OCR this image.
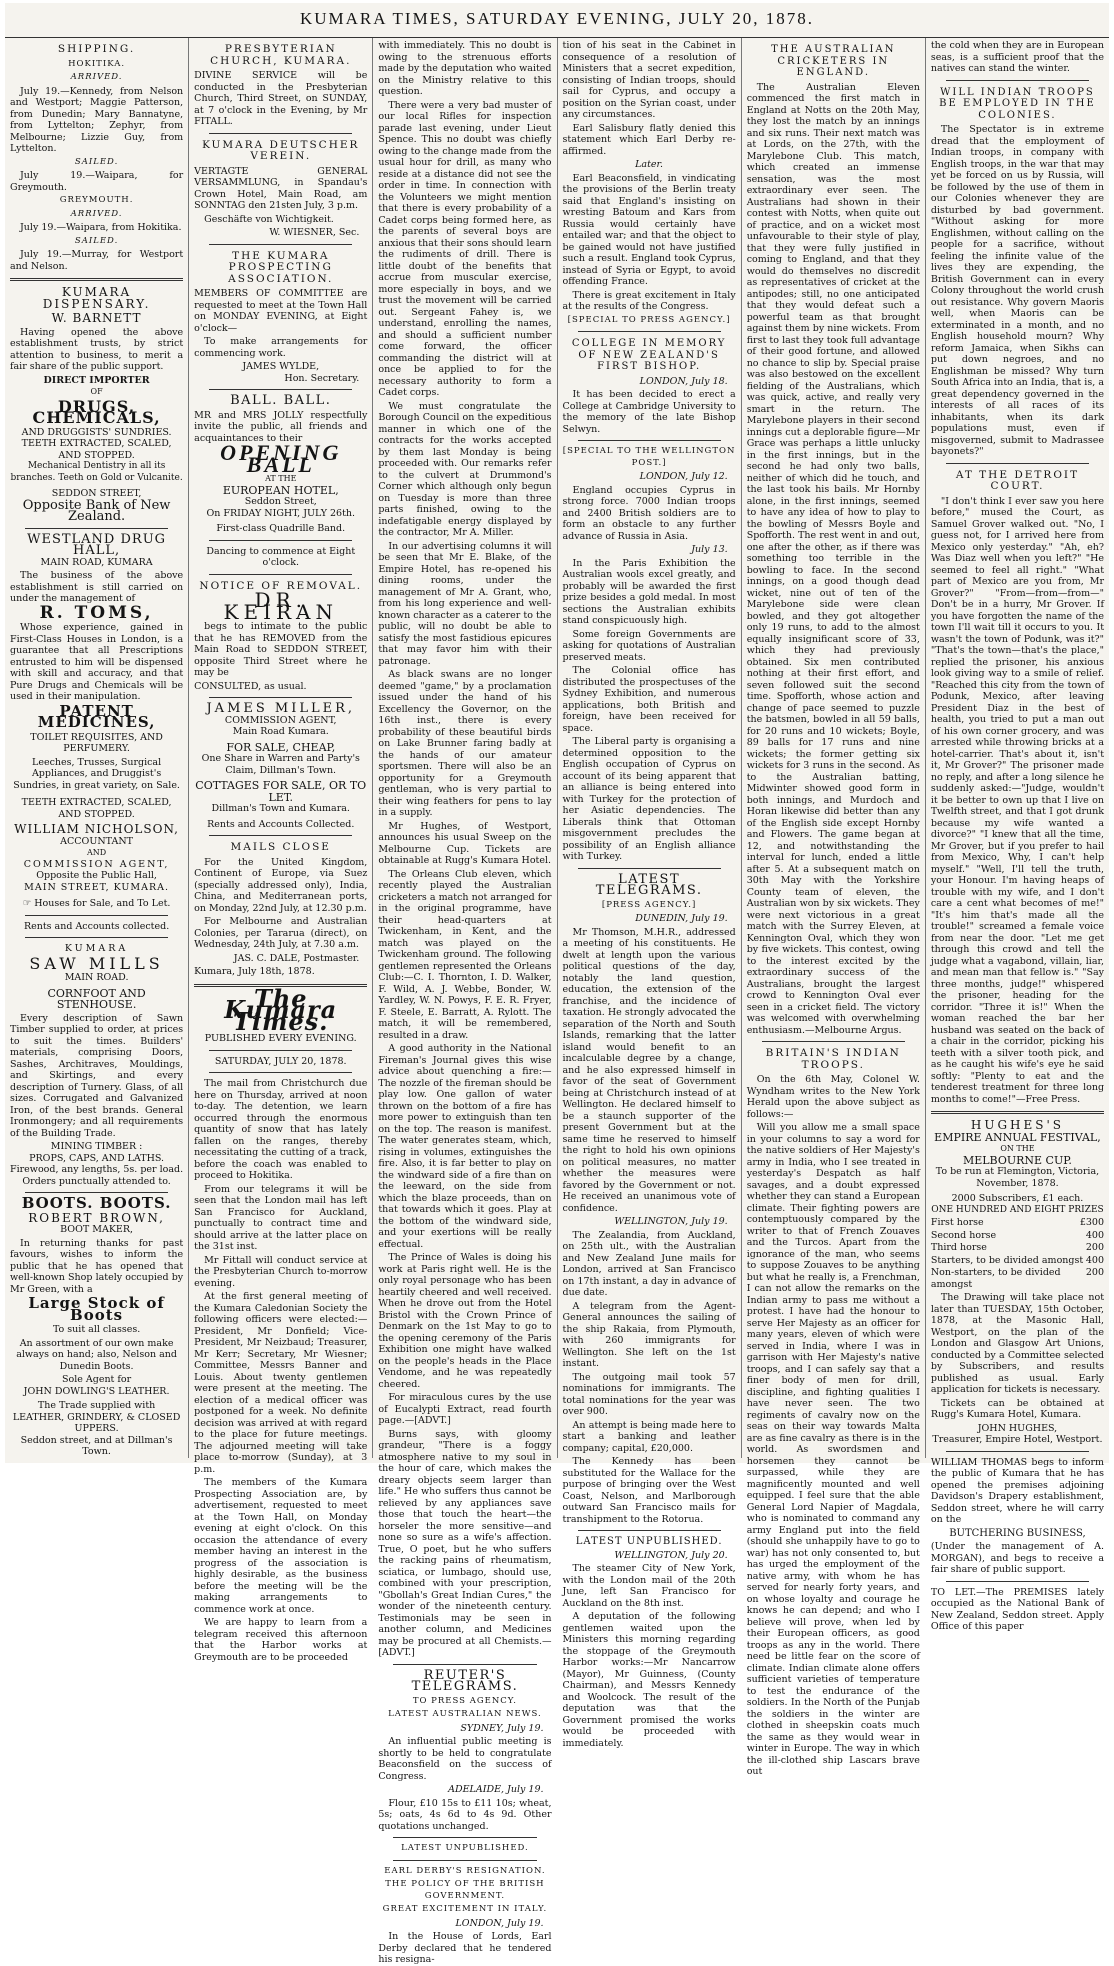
KUMARA TIMES, SATURDAY EVENING, JULY 20, 1878.
SHIPPING.
HOKITIKA.
ARRIVED.

July 19.—Kennedy, from Nelson and Westport; Maggie Patterson, from Dunedin; Mary Bannatyne, from Lyttelton; Zephyr, from Melbourne; Lizzie Guy, from Lyttelton.

SAILED.

July 19.—Waipara, for Greymouth.

GREYMOUTH.
ARRIVED.

July 19.—Waipara, from Hokitika.

SAILED.

July 19.—Murray, for Westport and Nelson.

KUMARA DISPENSARY.
W. BARNETT

Having opened the above establishment trusts, by strict attention to business, to merit a fair share of the public support.

DIRECT IMPORTER
OF
DRUGS, CHEMICALS,
AND DRUGGISTS' SUNDRIES.
TEETH EXTRACTED, SCALED, AND STOPPED.
Mechanical Dentistry in all its branches. Teeth on Gold or Vulcanite.
SEDDON STREET,
Opposite Bank of New Zealand.
WESTLAND DRUG HALL,
MAIN ROAD, KUMARA

The business of the above establishment is still carried on under the management of

R. TOMS,

Whose experience, gained in First-Class Houses in London, is a guarantee that all Prescriptions entrusted to him will be dispensed with skill and accuracy, and that Pure Drugs and Chemicals will be used in their manipulation.

PATENT MEDICINES,
TOILET REQUISITES, AND PERFUMERY.

Leeches, Trusses, Surgical Appliances, and Druggist's Sundries, in great variety, on Sale.

TEETH EXTRACTED, SCALED, AND STOPPED.
WILLIAM NICHOLSON,
ACCOUNTANT
AND
COMMISSION AGENT,
Opposite the Public Hall,
MAIN STREET, KUMARA.
☞ Houses for Sale, and To Let.
Rents and Accounts collected.
KUMARA
SAW MILLS
MAIN ROAD.
CORNFOOT AND STENHOUSE.

Every description of Sawn Timber supplied to order, at prices to suit the times. Builders' materials, comprising Doors, Sashes, Architraves, Mouldings, and Skirtings, and every description of Turnery. Glass, of all sizes. Corrugated and Galvanized Iron, of the best brands. General Ironmongery; and all requirements of the Building Trade.

MINING TIMBER :
PROPS, CAPS, AND LATHS.
Firewood, any lengths, 5s. per load.
Orders punctually attended to.
BOOTS. BOOTS.
ROBERT BROWN,
BOOT MAKER,

In returning thanks for past favours, wishes to inform the public that he has opened that well-known Shop lately occupied by Mr Green, with a

Large Stock of Boots
To suit all classes.

An assortment of our own make always on hand; also, Nelson and Dunedin Boots.

Sole Agent for
JOHN DOWLING'S LEATHER.
The Trade supplied with
LEATHER, GRINDERY, & CLOSED UPPERS.
Seddon street, and at Dillman's Town.
PRESBYTERIAN CHURCH, KUMARA.

DIVINE SERVICE will be conducted in the Presbyterian Church, Third Street, on SUNDAY, at 7 o'clock in the Evening, by Mr FITALL.

KUMARA DEUTSCHER VEREIN.

VERTAGTE GENERAL VERSAMMLUNG, in Spandau's Crown Hotel, Main Road, am SONNTAG den 21sten July, 3 p.m.

Geschäfte von Wichtigkeit.

W. WIESNER, Sec.
THE KUMARA PROSPECTING ASSOCIATION.

MEMBERS OF COMMITTEE are requested to meet at the Town Hall on MONDAY EVENING, at Eight o'clock—

To make arrangements for commencing work.

JAMES WYLDE,
Hon. Secretary.
BALL. BALL.

MR and MRS JOLLY respectfully invite the public, all friends and acquaintances to their

OPENING BALL
AT THE
EUROPEAN HOTEL,
Seddon Street,
On FRIDAY NIGHT, JULY 26th.
First-class Quadrille Band.
Dancing to commence at Eight o'clock.
NOTICE OF REMOVAL.
DR. KEIRAN

begs to intimate to the public that he has REMOVED from the Main Road to SEDDON STREET, opposite Third Street where he may be

CONSULTED, as usual.

JAMES MILLER,
COMMISSION AGENT,
Main Road Kumara.
FOR SALE, CHEAP,
One Share in Warren and Party's Claim, Dillman's Town.
COTTAGES FOR SALE, OR TO LET.
Dillman's Town and Kumara.
Rents and Accounts Collected.
MAILS CLOSE

For the United Kingdom, Continent of Europe, via Suez (specially addressed only), India, China, and Mediterranean ports, on Monday, 22nd July, at 12.30 p.m.

For Melbourne and Australian Colonies, per Tararua (direct), on Wednesday, 24th July, at 7.30 a.m.

JAS. C. DALE, Postmaster.

Kumara, July 18th, 1878.

The Kumara Times.
PUBLISHED EVERY EVENING.
SATURDAY, JULY 20, 1878.

The mail from Christchurch due here on Thursday, arrived at noon to-day. The detention, we learn occurred through the enormous quantity of snow that has lately fallen on the ranges, thereby necessitating the cutting of a track, before the coach was enabled to proceed to Hokitika.

From our telegrams it will be seen that the London mail has left San Francisco for Auckland, punctually to contract time and should arrive at the latter place on the 31st inst.

Mr Fittall will conduct service at the Presbyterian Church to-morrow evening.

At the first general meeting of the Kumara Caledonian Society the following officers were elected:—President, Mr Donfield; Vice-President, Mr Neizbaud; Treasurer, Mr Kerr; Secretary, Mr Wiesner; Committee, Messrs Banner and Louis. About twenty gentlemen were present at the meeting. The election of a medical officer was postponed for a week. No definite decision was arrived at with regard to the place for future meetings. The adjourned meeting will take place to-morrow (Sunday), at 3 p.m.

The members of the Kumara Prospecting Association are, by advertisement, requested to meet at the Town Hall, on Monday evening at eight o'clock. On this occasion the attendance of every member having an interest in the progress of the association is highly desirable, as the business before the meeting will be the making arrangements to commence work at once.

We are happy to learn from a telegram received this afternoon that the Harbor works at Greymouth are to be proceeded

with immediately. This no doubt is owing to the strenuous efforts made by the deputation who waited on the Ministry relative to this question.

There were a very bad muster of our local Rifles for inspection parade last evening, under Lieut Spence. This no doubt was chiefly owing to the change made from the usual hour for drill, as many who reside at a distance did not see the order in time. In connection with the Volunteers we might mention that there is every probability of a Cadet corps being formed here, as the parents of several boys are anxious that their sons should learn the rudiments of drill. There is little doubt of the benefits that accrue from muscular exercise, more especially in boys, and we trust the movement will be carried out. Sergeant Fahey is, we understand, enrolling the names, and should a sufficient number come forward, the officer commanding the district will at once be applied to for the necessary authority to form a Cadet corps.

We must congratulate the Borough Council on the expeditious manner in which one of the contracts for the works accepted by them last Monday is being proceeded with. Our remarks refer to the culvert at Drummond's Corner which although only begun on Tuesday is more than three parts finished, owing to the indefatigable energy displayed by the contractor, Mr A. Miller.

In our advertising columns it will be seen that Mr E. Blake, of the Empire Hotel, has re-opened his dining rooms, under the management of Mr A. Grant, who, from his long experience and well-known character as a caterer to the public, will no doubt be able to satisfy the most fastidious epicures that may favor him with their patronage.

As black swans are no longer deemed "game," by a proclamation issued under the hand of his Excellency the Governor, on the 16th inst., there is every probability of these beautiful birds on Lake Brunner faring badly at the hands of our amateur sportsmen. There will also be an opportunity for a Greymouth gentleman, who is very partial to their wing feathers for pens to lay in a supply.

Mr Hughes, of Westport, announces his usual Sweep on the Melbourne Cup. Tickets are obtainable at Rugg's Kumara Hotel.

The Orleans Club eleven, which recently played the Australian cricketers a match not arranged for in the original programme, have their head-quarters at Twickenham, in Kent, and the match was played on the Twickenham ground. The following gentlemen represented the Orleans Club:—C. I. Thornton, I. D. Walker, F. Wild, A. J. Webbe, Bonder, W. Yardley, W. N. Powys, F. E. R. Fryer, F. Steele, E. Barratt, A. Rylott. The match, it will be remembered, resulted in a draw.

A good authority in the National Fireman's Journal gives this wise advice about quenching a fire:—The nozzle of the fireman should be play low. One gallon of water thrown on the bottom of a fire has more power to extinguish than ten on the top. The reason is manifest. The water generates steam, which, rising in volumes, extinguishes the fire. Also, it is far better to play on the windward side of a fire than on the leeward, on the side from which the blaze proceeds, than on that towards which it goes. Play at the bottom of the windward side, and your exertions will be really effectual.

The Prince of Wales is doing his work at Paris right well. He is the only royal personage who has been heartily cheered and well received. When he drove out from the Hotel Bristol with the Crown Prince of Denmark on the 1st May to go to the opening ceremony of the Paris Exhibition one might have walked on the people's heads in the Place Vendome, and he was repeatedly cheered.

For miraculous cures by the use of Eucalypti Extract, read fourth page.—[ADVT.]

Burns says, with gloomy grandeur, "There is a foggy atmosphere native to my soul in the hour of care, which makes the dreary objects seem larger than life." He who suffers thus cannot be relieved by any appliances save those that touch the heart—the horseler the more sensitive—and none so sure as a wife's affection. True, O poet, but he who suffers the racking pains of rheumatism, sciatica, or lumbago, should use, combined with your prescription, "Gbollah's Great Indian Cures," the wonder of the nineteenth century. Testimonials may be seen in another column, and Medicines may be procured at all Chemists.—[ADVT.]

REUTER'S TELEGRAMS.
TO PRESS AGENCY.
LATEST AUSTRALIAN NEWS.
SYDNEY, July 19.

An influential public meeting is shortly to be held to congratulate Beaconsfield on the success of Congress.

ADELAIDE, July 19.

Flour, £10 15s to £11 10s; wheat, 5s; oats, 4s 6d to 4s 9d. Other quotations unchanged.

LATEST UNPUBLISHED.
EARL DERBY'S RESIGNATION.
THE POLICY OF THE BRITISH GOVERNMENT.
GREAT EXCITEMENT IN ITALY.
LONDON, July 19.

In the House of Lords, Earl Derby declared that he tendered his resigna-

tion of his seat in the Cabinet in consequence of a resolution of Ministers that a secret expedition, consisting of Indian troops, should sail for Cyprus, and occupy a position on the Syrian coast, under any circumstances.

Earl Salisbury flatly denied this statement which Earl Derby re-affirmed.

Later.

Earl Beaconsfield, in vindicating the provisions of the Berlin treaty said that England's insisting on wresting Batoum and Kars from Russia would certainly have entailed war; and that the object to be gained would not have justified such a result. England took Cyprus, instead of Syria or Egypt, to avoid offending France.

There is great excitement in Italy at the results of the Congress.

[SPECIAL TO PRESS AGENCY.]
COLLEGE IN MEMORY OF NEW ZEALAND'S FIRST BISHOP.
LONDON, July 18.

It has been decided to erect a College at Cambridge University to the memory of the late Bishop Selwyn.

[SPECIAL TO THE WELLINGTON POST.]
LONDON, July 12.

England occupies Cyprus in strong force. 7000 Indian troops and 2400 British soldiers are to form an obstacle to any further advance of Russia in Asia.

July 13.

In the Paris Exhibition the Australian wools excel greatly, and probably will be awarded the first prize besides a gold medal. In most sections the Australian exhibits stand conspicuously high.

Some foreign Governments are asking for quotations of Australian preserved meats.

The Colonial office has distributed the prospectuses of the Sydney Exhibition, and numerous applications, both British and foreign, have been received for space.

The Liberal party is organising a determined opposition to the English occupation of Cyprus on account of its being apparent that an alliance is being entered into with Turkey for the protection of her Asiatic dependencies. The Liberals think that Ottoman misgovernment precludes the possibility of an English alliance with Turkey.

LATEST TELEGRAMS.
[PRESS AGENCY.]
DUNEDIN, July 19.

Mr Thomson, M.H.R., addressed a meeting of his constituents. He dwelt at length upon the various political questions of the day, notably the land question, education, the extension of the franchise, and the incidence of taxation. He strongly advocated the separation of the North and South Islands, remarking that the latter island would benefit to an incalculable degree by a change, and he also expressed himself in favor of the seat of Government being at Christchurch instead of at Wellington. He declared himself to be a staunch supporter of the present Government but at the same time he reserved to himself the right to hold his own opinions on political measures, no matter whether the measures were favored by the Government or not. He received an unanimous vote of confidence.

WELLINGTON, July 19.

The Zealandia, from Auckland, on 25th ult., with the Australian and New Zealand June mails for London, arrived at San Francisco on 17th instant, a day in advance of due date.

A telegram from the Agent-General announces the sailing of the ship Rakaia, from Plymouth, with 260 immigrants for Wellington. She left on the 1st instant.

The outgoing mail took 57 nominations for immigrants. The total nominations for the year was over 900.

An attempt is being made here to start a banking and leather company; capital, £20,000.

The Kennedy has been substituted for the Wallace for the purpose of bringing over the West Coast, Nelson, and Marlborough outward San Francisco mails for transhipment to the Rotorua.

LATEST UNPUBLISHED.
WELLINGTON, July 20.

The steamer City of New York, with the London mail of the 20th June, left San Francisco for Auckland on the 8th inst.

A deputation of the following gentlemen waited upon the Ministers this morning regarding the stoppage of the Greymouth Harbor works:—Mr Nancarrow (Mayor), Mr Guinness, (County Chairman), and Messrs Kennedy and Woolcock. The result of the deputation was that the Government promised the works would be proceeded with immediately.

THE AUSTRALIAN CRICKETERS IN ENGLAND.

The Australian Eleven commenced the first match in England at Notts on the 20th May, they lost the match by an innings and six runs. Their next match was at Lords, on the 27th, with the Marylebone Club. This match, which created an immense sensation, was the most extraordinary ever seen. The Australians had shown in their contest with Notts, when quite out of practice, and on a wicket most unfavourable to their style of play, that they were fully justified in coming to England, and that they would do themselves no discredit as representatives of cricket at the antipodes; still, no one anticipated that they would defeat such a powerful team as that brought against them by nine wickets. From first to last they took full advantage of their good fortune, and allowed no chance to slip by. Special praise was also bestowed on the excellent fielding of the Australians, which was quick, active, and really very smart in the return. The Marylebone players in their second innings cut a deplorable figure—Mr Grace was perhaps a little unlucky in the first innings, but in the second he had only two balls, neither of which did he touch, and the last took his bails. Mr Hornby alone, in the first innings, seemed to have any idea of how to play to the bowling of Messrs Boyle and Spofforth. The rest went in and out, one after the other, as if there was something too terrible in the bowling to face. In the second innings, on a good though dead wicket, nine out of ten of the Marylebone side were clean bowled, and they got altogether only 19 runs, to add to the almost equally insignificant score of 33, which they had previously obtained. Six men contributed nothing at their first effort, and seven followed suit the second time. Spofforth, whose action and change of pace seemed to puzzle the batsmen, bowled in all 59 balls, for 20 runs and 10 wickets; Boyle, 89 balls for 17 runs and nine wickets; the former getting six wickets for 3 runs in the second. As to the Australian batting, Midwinter showed good form in both innings, and Murdoch and Horan likewise did better than any of the English side except Hornby and Flowers. The game began at 12, and notwithstanding the interval for lunch, ended a little after 5. At a subsequent match on 30th May with the Yorkshire County team of eleven, the Australian won by six wickets. They were next victorious in a great match with the Surrey Eleven, at Kennington Oval, which they won by five wickets. This contest, owing to the interest excited by the extraordinary success of the Australians, brought the largest crowd to Kennington Oval ever seen in a cricket field. The victory was welcomed with overwhelming enthusiasm.—Melbourne Argus.

BRITAIN'S INDIAN TROOPS.

On the 6th May, Colonel W. Wyndham writes to the New York Herald upon the above subject as follows:—

Will you allow me a small space in your columns to say a word for the native soldiers of Her Majesty's army in India, who I see treated in yesterday's Despatch as half savages, and a doubt expressed whether they can stand a European climate. Their fighting powers are contemptuously compared by the writer to that of French Zouaves and the Turcos. Apart from the ignorance of the man, who seems to suppose Zouaves to be anything but what he really is, a Frenchman, I can not allow the remarks on the Indian army to pass me without a protest. I have had the honour to serve Her Majesty as an officer for many years, eleven of which were served in India, where I was in garrison with Her Majesty's native troops, and I can safely say that a finer body of men for drill, discipline, and fighting qualities I have never seen. The two regiments of cavalry now on the seas on their way towards Malta are as fine cavalry as there is in the world. As swordsmen and horsemen they cannot be surpassed, while they are magnificently mounted and well equipped. I feel sure that the able General Lord Napier of Magdala, who is nominated to command any army England put into the field (should she unhappily have to go to war) has not only consented to, but has urged the employment of the native army, with whom he has served for nearly forty years, and on whose loyalty and courage he knows he can depend; and who I believe will prove, when led by their European officers, as good troops as any in the world. There need be little fear on the score of climate. Indian climate alone offers sufficient varieties of temperature to test the endurance of the soldiers. In the North of the Punjab the soldiers in the winter are clothed in sheepskin coats much the same as they would wear in winter in Europe. The way in which the ill-clothed ship Lascars brave out

the cold when they are in European seas, is a sufficient proof that the natives can stand the winter.

WILL INDIAN TROOPS BE EMPLOYED IN THE COLONIES.

The Spectator is in extreme dread that the employment of Indian troops, in company with English troops, in the war that may yet be forced on us by Russia, will be followed by the use of them in our Colonies whenever they are disturbed by bad government. "Without asking for more Englishmen, without calling on the people for a sacrifice, without feeling the infinite value of the lives they are expending, the British Government can in every Colony throughout the world crush out resistance. Why govern Maoris well, when Maoris can be exterminated in a month, and no English household mourn? Why reform Jamaica, when Sikhs can put down negroes, and no Englishman be missed? Why turn South Africa into an India, that is, a great dependency governed in the interests of all races of its inhabitants, when its dark populations must, even if misgoverned, submit to Madrassee bayonets?"

AT THE DETROIT COURT.

"I don't think I ever saw you here before," mused the Court, as Samuel Grover walked out. "No, I guess not, for I arrived here from Mexico only yesterday." "Ah, eh? Was Diaz well when you left?" "He seemed to feel all right." "What part of Mexico are you from, Mr Grover?" "From—from—from—" Don't be in a hurry, Mr Grover. If you have forgotten the name of the town I'll wait till it occurs to you. It wasn't the town of Podunk, was it?" "That's the town—that's the place," replied the prisoner, his anxious look giving way to a smile of relief. "Reached this city from the town of Podunk, Mexico, after leaving President Diaz in the best of health, you tried to put a man out of his own corner grocery, and was arrested while throwing bricks at a hotel-carrier. That's about it, isn't it, Mr Grover?" The prisoner made no reply, and after a long silence he suddenly asked:—"Judge, wouldn't it be better to own up that I live on Twelfth street, and that I got drunk because my wife wanted a divorce?" "I knew that all the time, Mr Grover, but if you prefer to hail from Mexico, Why, I can't help myself." "Well, I'll tell the truth, your Honour. I'm having heaps of trouble with my wife, and I don't care a cent what becomes of me!" "It's him that's made all the trouble!" screamed a female voice from near the door. "Let me get through this crowd and tell the judge what a vagabond, villain, liar, and mean man that fellow is." "Say three months, judge!" whispered the prisoner, heading for the corridor. "Three it is!" When the woman reached the bar her husband was seated on the back of a chair in the corridor, picking his teeth with a silver tooth pick, and as he caught his wife's eye he said softly: "Plenty to eat and the tenderest treatment for three long months to come!"—Free Press.

HUGHES'S
EMPIRE ANNUAL FESTIVAL,
ON THE
MELBOURNE CUP.
To be run at Flemington, Victoria, November, 1878.
2000 Subscribers, £1 each.
ONE HUNDRED AND EIGHT PRIZES
First horse	£300
Second horse	400
Third horse	200
Starters, to be divided amongst 400
Non-starters, to be divided amongst
200

The Drawing will take place not later than TUESDAY, 15th October, 1878, at the Masonic Hall, Westport, on the plan of the London and Glasgow Art Unions, conducted by a Committee selected by Subscribers, and results published as usual. Early application for tickets is necessary.

Tickets can be obtained at Rugg's Kumara Hotel, Kumara.

JOHN HUGHES,
Treasurer, Empire Hotel, Westport.

WILLIAM THOMAS begs to inform the public of Kumara that he has opened the premises adjoining Davidson's Drapery establishment, Seddon street, where he will carry on the

BUTCHERING BUSINESS,

(Under the management of A. MORGAN), and begs to receive a fair share of public support.

TO LET.—The PREMISES lately occupied as the National Bank of New Zealand, Seddon street. Apply Office of this paper
